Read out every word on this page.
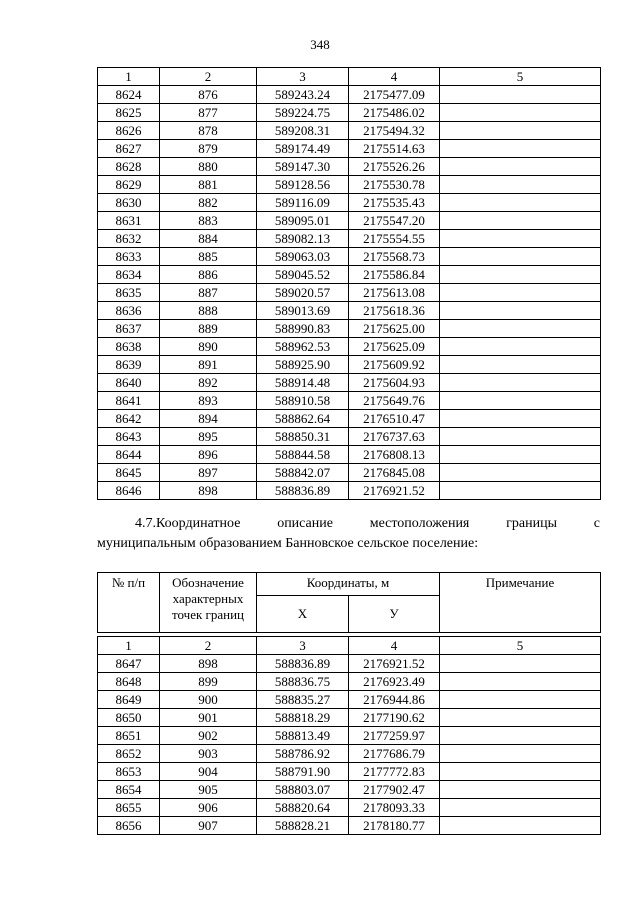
348
1	2	3	4	5
8624	876	589243.24	2175477.09	
8625	877	589224.75	2175486.02	
8626	878	589208.31	2175494.32	
8627	879	589174.49	2175514.63	
8628	880	589147.30	2175526.26	
8629	881	589128.56	2175530.78	
8630	882	589116.09	2175535.43	
8631	883	589095.01	2175547.20	
8632	884	589082.13	2175554.55	
8633	885	589063.03	2175568.73	
8634	886	589045.52	2175586.84	
8635	887	589020.57	2175613.08	
8636	888	589013.69	2175618.36	
8637	889	588990.83	2175625.00	
8638	890	588962.53	2175625.09	
8639	891	588925.90	2175609.92	
8640	892	588914.48	2175604.93	
8641	893	588910.58	2175649.76	
8642	894	588862.64	2176510.47	
8643	895	588850.31	2176737.63	
8644	896	588844.58	2176808.13	
8645	897	588842.07	2176845.08	
8646	898	588836.89	2176921.52	
4.7.Координатное	описание	местоположения	границы	с
муниципальным образованием Банновское сельское поселение:
№ п/п	Обозначение характерных точек границ	Координаты, м		Примечание
		X	У	

1	2	3	4	5
8647	898	588836.89	2176921.52	
8648	899	588836.75	2176923.49	
8649	900	588835.27	2176944.86	
8650	901	588818.29	2177190.62	
8651	902	588813.49	2177259.97	
8652	903	588786.92	2177686.79	
8653	904	588791.90	2177772.83	
8654	905	588803.07	2177902.47	
8655	906	588820.64	2178093.33	
8656	907	588828.21	2178180.77	
